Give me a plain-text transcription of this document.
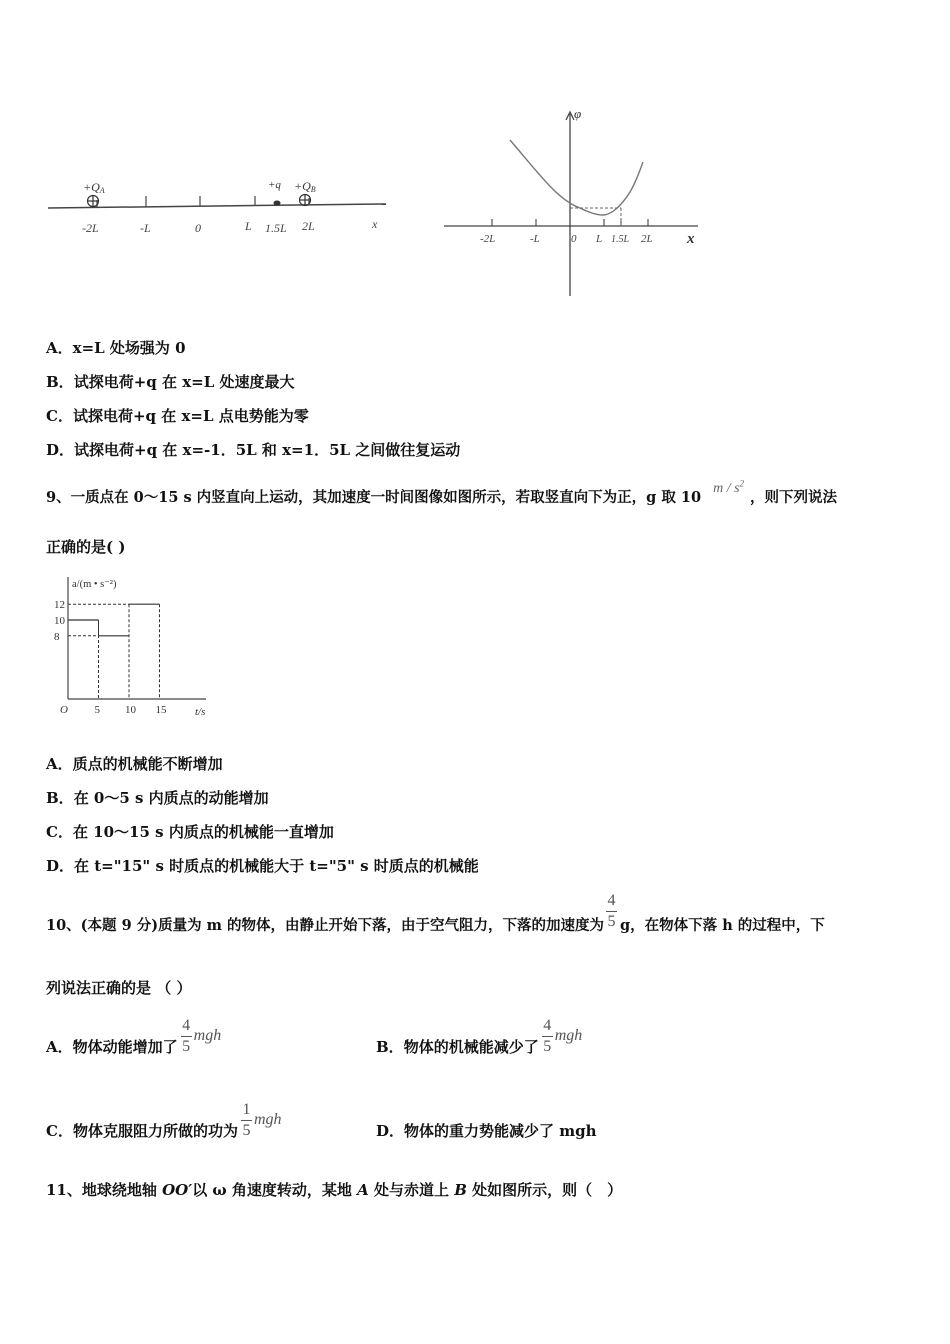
x
-2L	-L	0	L 1.5L 2L
+QA	+q +QB
φ
x
-2L	-L	0 L 1.5L 2L
A．x=L 处场强为 0
B．试探电荷+q 在 x=L 处速度最大
C．试探电荷+q 在 x=L 点电势能为零
D．试探电荷+q 在 x=-1．5L 和 x=1．5L 之间做往复运动
9、一质点在 0～15 s 内竖直向上运动，其加速度一时间图像如图所示，若取竖直向下为正，g 取 $10m / s^2$，则下列说法
正确的是( )
a/(m • s⁻²)
t/s
O
12
10
8
5 10 15
A．质点的机械能不断增加
B．在 0～5 s 内质点的动能增加
C．在 10～15 s 内质点的机械能一直增加
D．在 t="15" s 时质点的机械能大于 t="5" s 时质点的机械能
10、(本题 9 分)质量为 m 的物体，由静止开始下落，由于空气阻力，下落的加速度为
4
5 g，在物体下落 h 的过程中，下
列说法正确的是 （ ）
A．物体动能增加了
4
5
mgh
B．物体的机械能减少了
4
5
mgh
C．物体克服阻力所做的功为
1
5
mgh
D．物体的重力势能减少了 mgh
11、地球绕地轴 OO′以 ω 角速度转动，某地 A 处与赤道上 B 处如图所示，则（　）
